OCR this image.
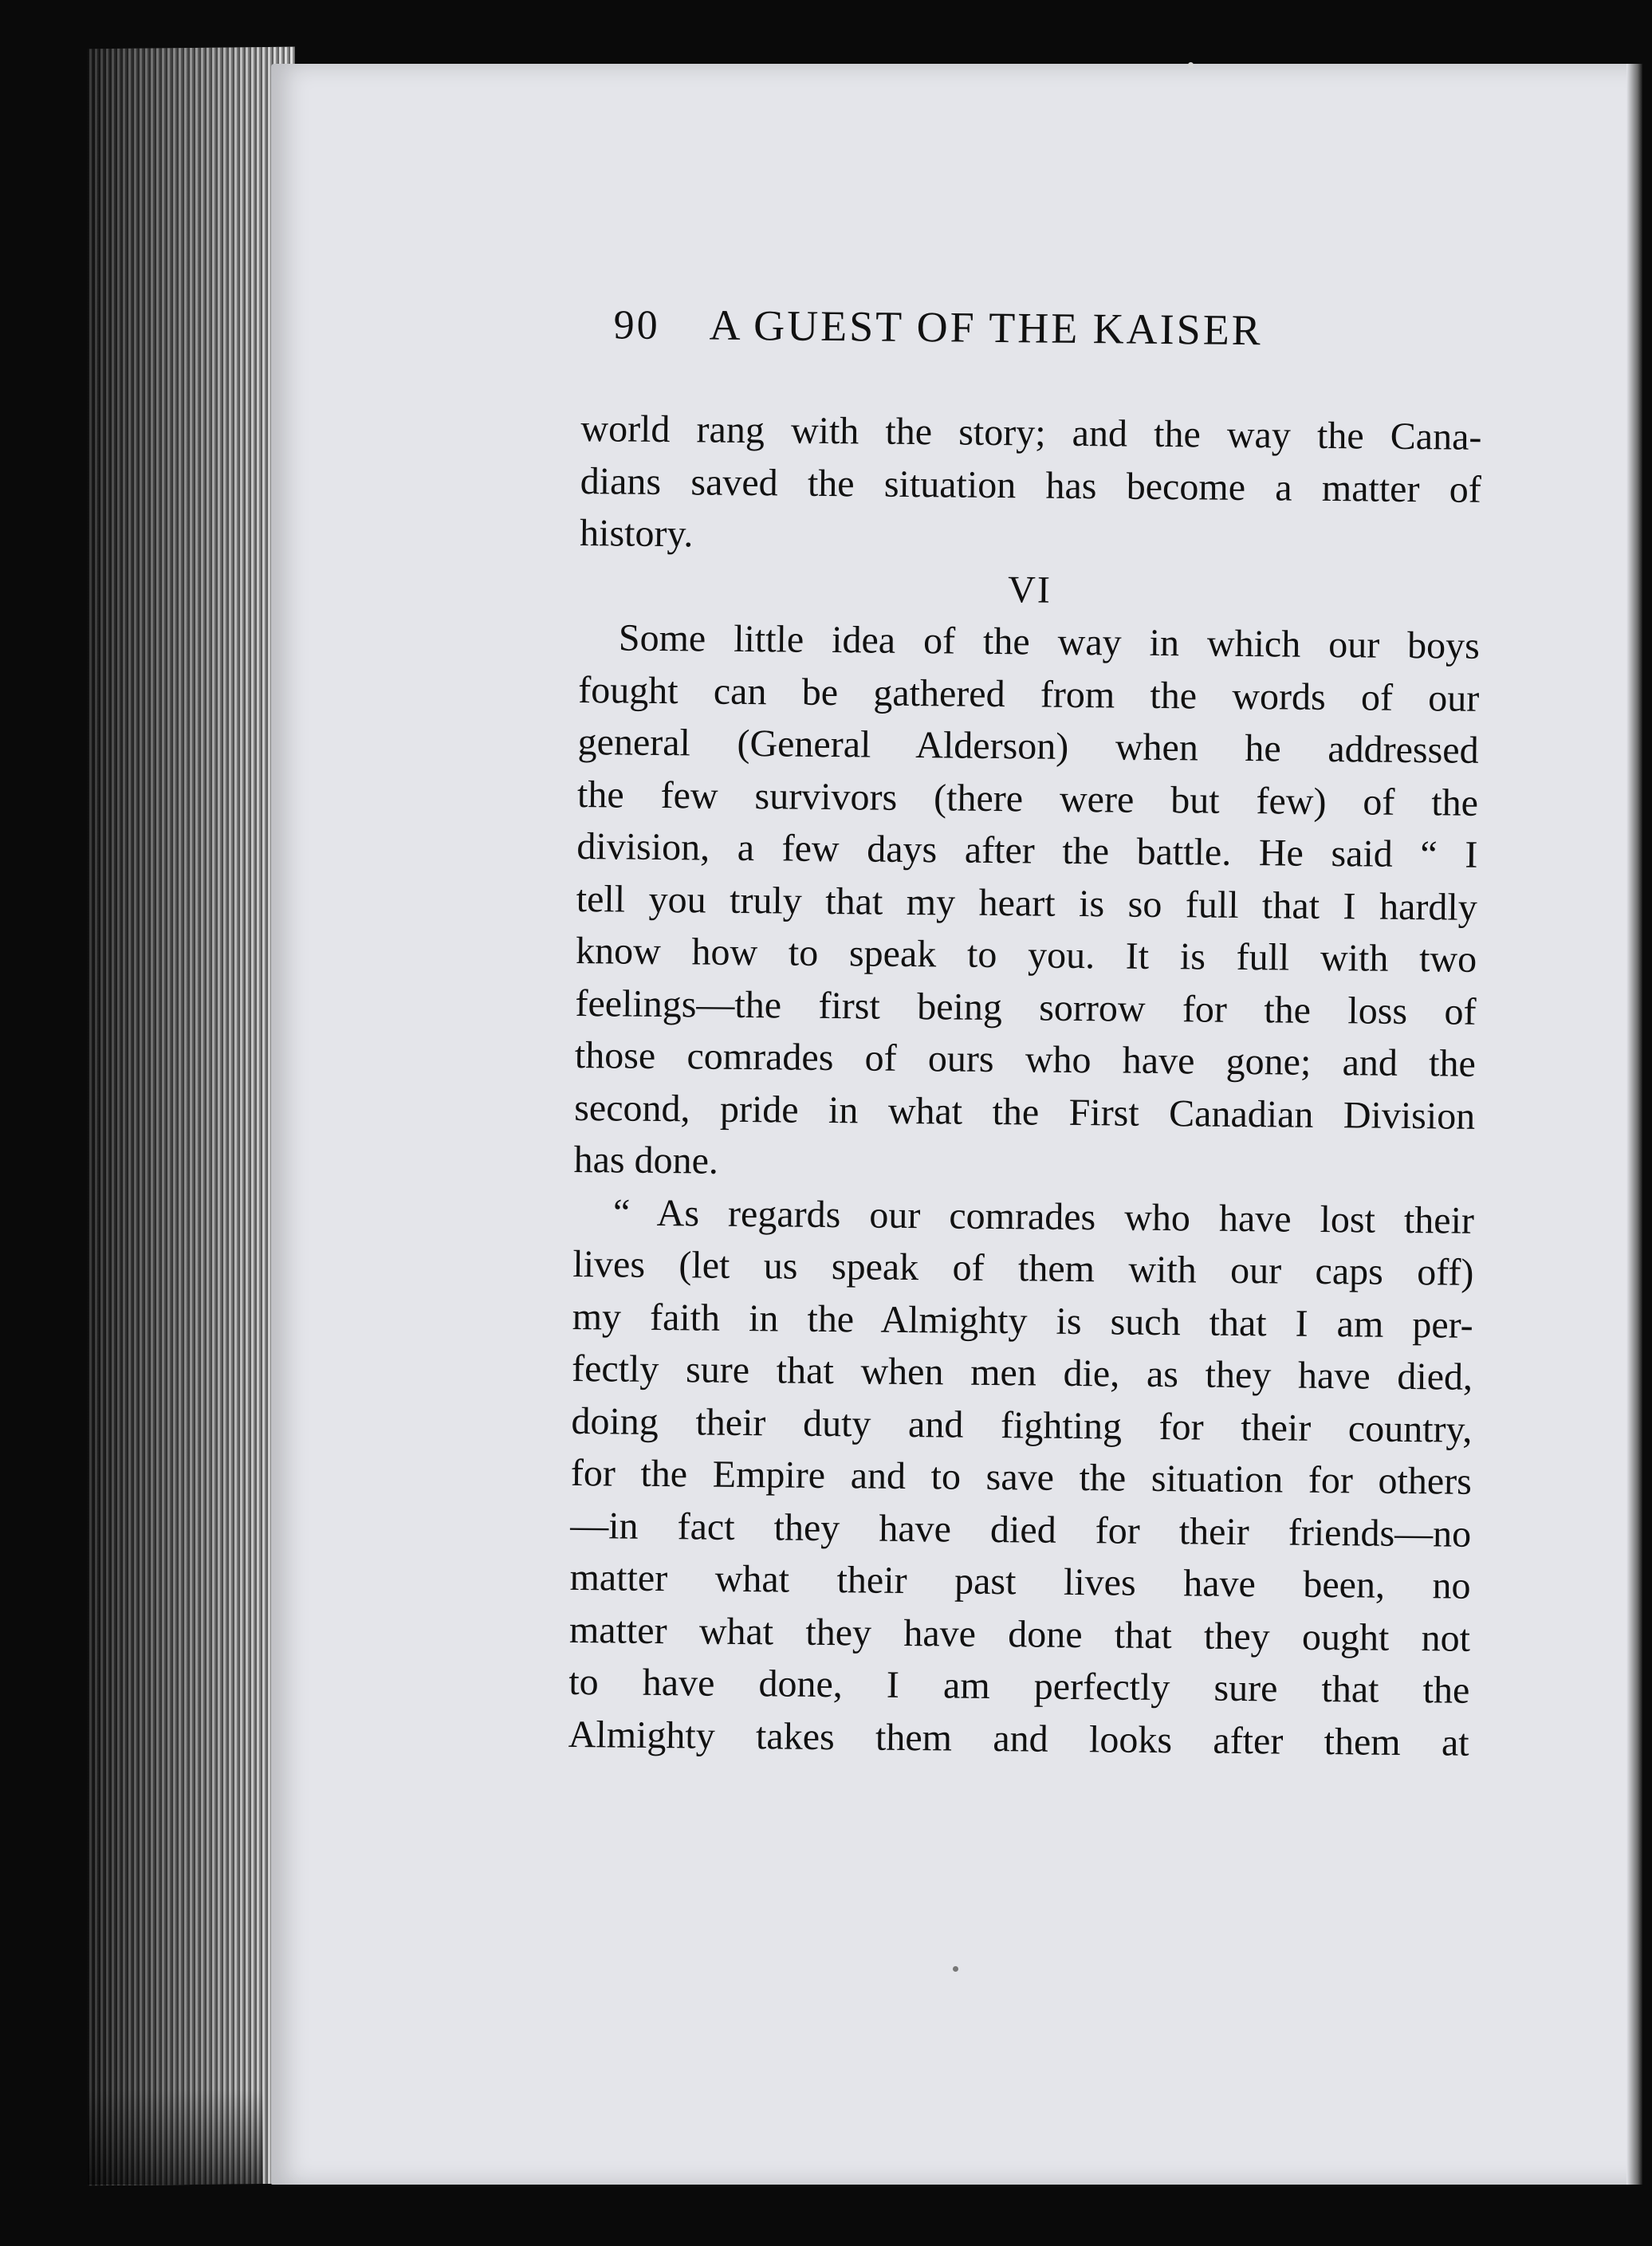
90	A GUEST OF THE KAISER
world rang with the story; and the way the Cana-
dians saved the situation has become a matter of
history.
VI
Some little idea of the way in which our boys
fought can be gathered from the words of our
general (General Alderson) when he addressed
the few survivors (there were but few) of the
division, a few days after the battle. He said “ I
tell you truly that my heart is so full that I hardly
know how to speak to you. It is full with two
feelings—the first being sorrow for the loss of
those comrades of ours who have gone; and the
second, pride in what the First Canadian Division
has done.
“ As regards our comrades who have lost their
lives (let us speak of them with our caps off)
my faith in the Almighty is such that I am per-
fectly sure that when men die, as they have died,
doing their duty and fighting for their country,
for the Empire and to save the situation for others
—in fact they have died for their friends—no
matter what their past lives have been, no
matter what they have done that they ought not
to have done, I am perfectly sure that the
Almighty takes them and looks after them at
